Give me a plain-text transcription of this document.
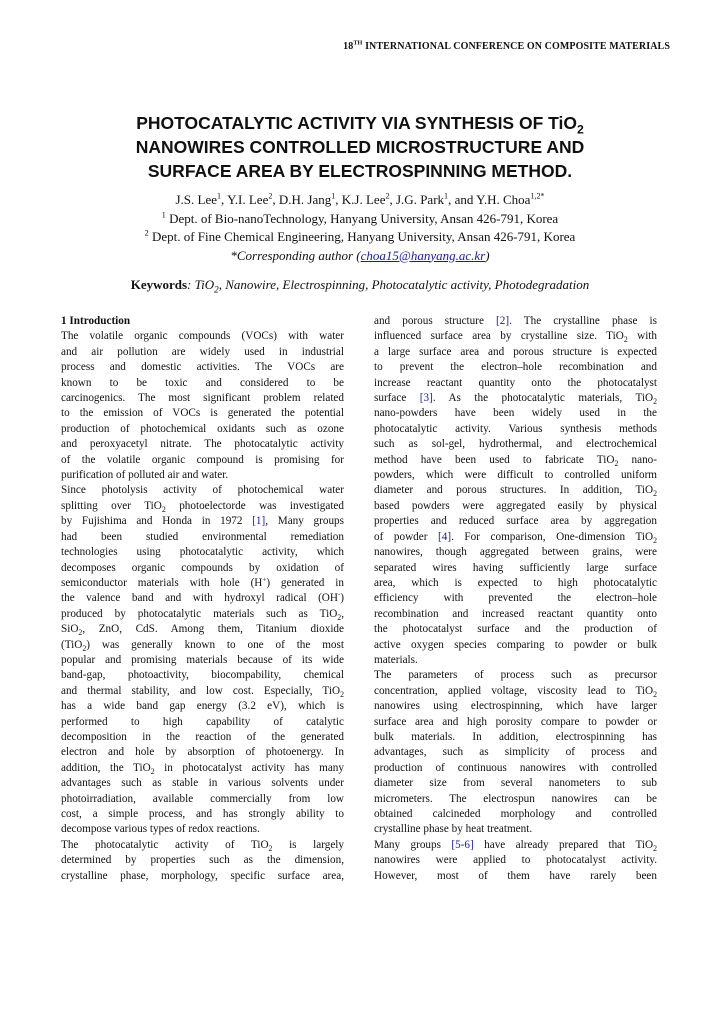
18TH INTERNATIONAL CONFERENCE ON COMPOSITE MATERIALS
PHOTOCATALYTIC ACTIVITY VIA SYNTHESIS OF TiO$_2$
NANOWIRES CONTROLLED MICROSTRUCTURE AND
SURFACE AREA BY ELECTROSPINNING METHOD.
J.S. Lee$^1$, Y.I. Lee$^2$, D.H. Jang$^1$, K.J. Lee$^2$, J.G. Park$^1$, and Y.H. Choa$^{1,2*}$
$^1$ Dept. of Bio-nanoTechnology, Hanyang University, Ansan 426-791, Korea
$^2$ Dept. of Fine Chemical Engineering, Hanyang University, Ansan 426-791, Korea
*Corresponding author (choa15@hanyang.ac.kr)
Keywords: TiO$_2$, Nanowire, Electrospinning, Photocatalytic activity, Photodegradation
1 Introduction
The volatile organic compounds (VOCs) with water
and air pollution are widely used in industrial
process and domestic activities. The VOCs are
known to be toxic and considered to be
carcinogenics. The most significant problem related
to the emission of VOCs is generated the potential
production of photochemical oxidants such as ozone
and peroxyacetyl nitrate. The photocatalytic activity
of the volatile organic compound is promising for
purification of polluted air and water.
Since photolysis activity of photochemical water
splitting over TiO$_2$ photoelectorde was investigated
by Fujishima and Honda in 1972 [1], Many groups
had been studied environmental remediation
technologies using photocatalytic activity, which
decomposes organic compounds by oxidation of
semiconductor materials with hole (H+) generated in
the valence band and with hydroxyl radical (OH-)
produced by photocatalytic materials such as TiO$_2$,
SiO$_2$, ZnO, CdS. Among them, Titanium dioxide
(TiO$_2$) was generally known to one of the most
popular and promising materials because of its wide
band-gap, photoactivity, biocompability, chemical
and thermal stability, and low cost. Especially, TiO$_2$
has a wide band gap energy (3.2 eV), which is
performed to high capability of catalytic
decomposition in the reaction of the generated
electron and hole by absorption of photoenergy. In
addition, the TiO$_2$ in photocatalyst activity has many
advantages such as stable in various solvents under
photoirradiation, available commercially from low
cost, a simple process, and has strongly ability to
decompose various types of redox reactions.
The photocatalytic activity of TiO$_2$ is largely
determined by properties such as the dimension,
crystalline phase, morphology, specific surface area,
and porous structure [2]. The crystalline phase is
influenced surface area by crystalline size. TiO$_2$ with
a large surface area and porous structure is expected
to prevent the electron–hole recombination and
increase reactant quantity onto the photocatalyst
surface [3]. As the photocatalytic materials, TiO$_2$
nano-powders have been widely used in the
photocatalytic activity. Various synthesis methods
such as sol-gel, hydrothermal, and electrochemical
method have been used to fabricate TiO$_2$ nano-
powders, which were difficult to controlled uniform
diameter and porous structures. In addition, TiO$_2$
based powders were aggregated easily by physical
properties and reduced surface area by aggregation
of powder [4]. For comparison, One-dimension TiO$_2$
nanowires, though aggregated between grains, were
separated wires having sufficiently large surface
area, which is expected to high photocatalytic
efficiency with prevented the electron–hole
recombination and increased reactant quantity onto
the photocatalyst surface and the production of
active oxygen species comparing to powder or bulk
materials.
The parameters of process such as precursor
concentration, applied voltage, viscosity lead to TiO$_2$
nanowires using electrospinning, which have larger
surface area and high porosity compare to powder or
bulk materials. In addition, electrospinning has
advantages, such as simplicity of process and
production of continuous nanowires with controlled
diameter size from several nanometers to sub
micrometers. The electrospun nanowires can be
obtained calcineded morphology and controlled
crystalline phase by heat treatment.
Many groups [5-6] have already prepared that TiO$_2$
nanowires were applied to photocatalyst activity.
However, most of them have rarely been
